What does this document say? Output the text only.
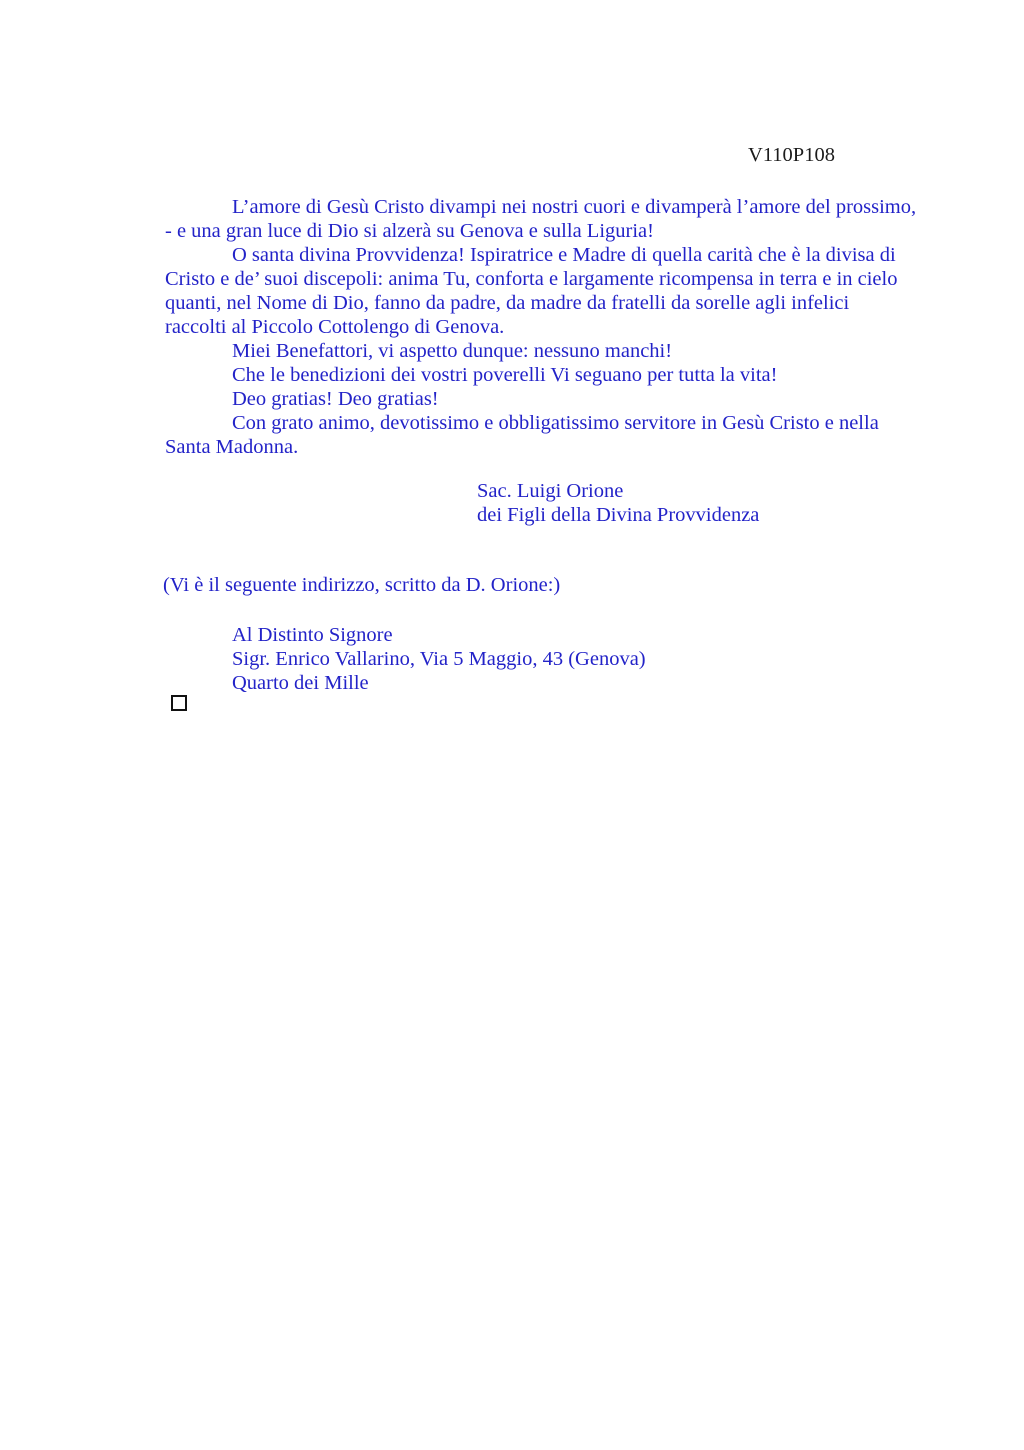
V110P108
L’amore di Gesù Cristo divampi nei nostri cuori e divamperà l’amore del prossimo,
- e una gran luce di Dio si alzerà su Genova e sulla Liguria!
O santa divina Provvidenza! Ispiratrice e Madre di quella carità che è la divisa di
Cristo e de’ suoi discepoli: anima Tu, conforta e largamente ricompensa in terra e in cielo
quanti, nel Nome di Dio, fanno da padre, da madre da fratelli da sorelle agli infelici
raccolti al Piccolo Cottolengo di Genova.
Miei Benefattori, vi aspetto dunque: nessuno manchi!
Che le benedizioni dei vostri poverelli Vi seguano per tutta la vita!
Deo gratias! Deo gratias!
Con grato animo, devotissimo e obbligatissimo servitore in Gesù Cristo e nella
Santa Madonna.
Sac. Luigi Orione
dei Figli della Divina Provvidenza
(Vi è il seguente indirizzo, scritto da D. Orione:)
Al Distinto Signore
Sigr. Enrico Vallarino, Via 5 Maggio, 43 (Genova)
Quarto dei Mille
